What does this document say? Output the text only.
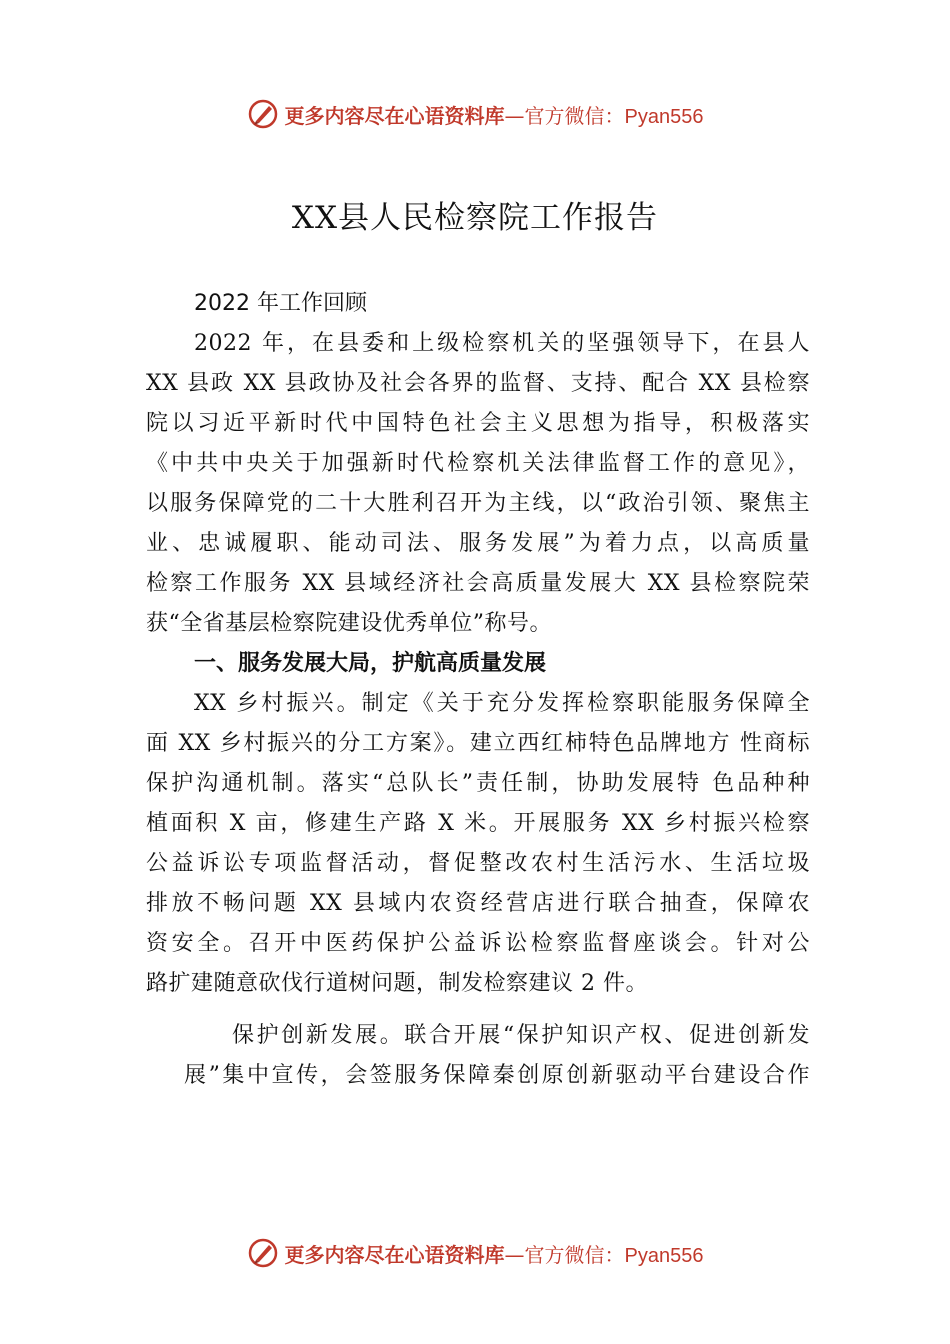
更多内容尽在心语资料库—官方微信：Pyan556
XX县人民检察院工作报告
2022 年工作回顾
2022 年，在县委和上级检察机关的坚强领导下，在县人
XX 县政 XX 县政协及社会各界的监督、支持、配合 XX 县检察
院以习近平新时代中国特色社会主义思想为指导，积极落实
《中共中央关于加强新时代检察机关法律监督工作的意见》，
以服务保障党的二十大胜利召开为主线，以“政治引领、聚焦主
业、忠诚履职、能动司法、服务发展”为着力点，以高质量
检察工作服务 XX 县域经济社会高质量发展大 XX 县检察院荣
获“全省基层检察院建设优秀单位”称号。
一、服务发展大局，护航高质量发展
XX 乡村振兴。制定《关于充分发挥检察职能服务保障全
面 XX 乡村振兴的分工方案》。建立西红柿特色品牌地方 性商标
保护沟通机制。落实“总队长”责任制，协助发展特 色品种种
植面积 X 亩，修建生产路 X 米。开展服务 XX 乡村振兴检察
公益诉讼专项监督活动，督促整改农村生活污水、生活垃圾
排放不畅问题 XX 县域内农资经营店进行联合抽查，保障农
资安全。召开中医药保护公益诉讼检察监督座谈会。针对公
路扩建随意砍伐行道树问题，制发检察建议 2 件。
保护创新发展。联合开展“保护知识产权、促进创新发
展”集中宣传，会签服务保障秦创原创新驱动平台建设合作
更多内容尽在心语资料库—官方微信：Pyan556
